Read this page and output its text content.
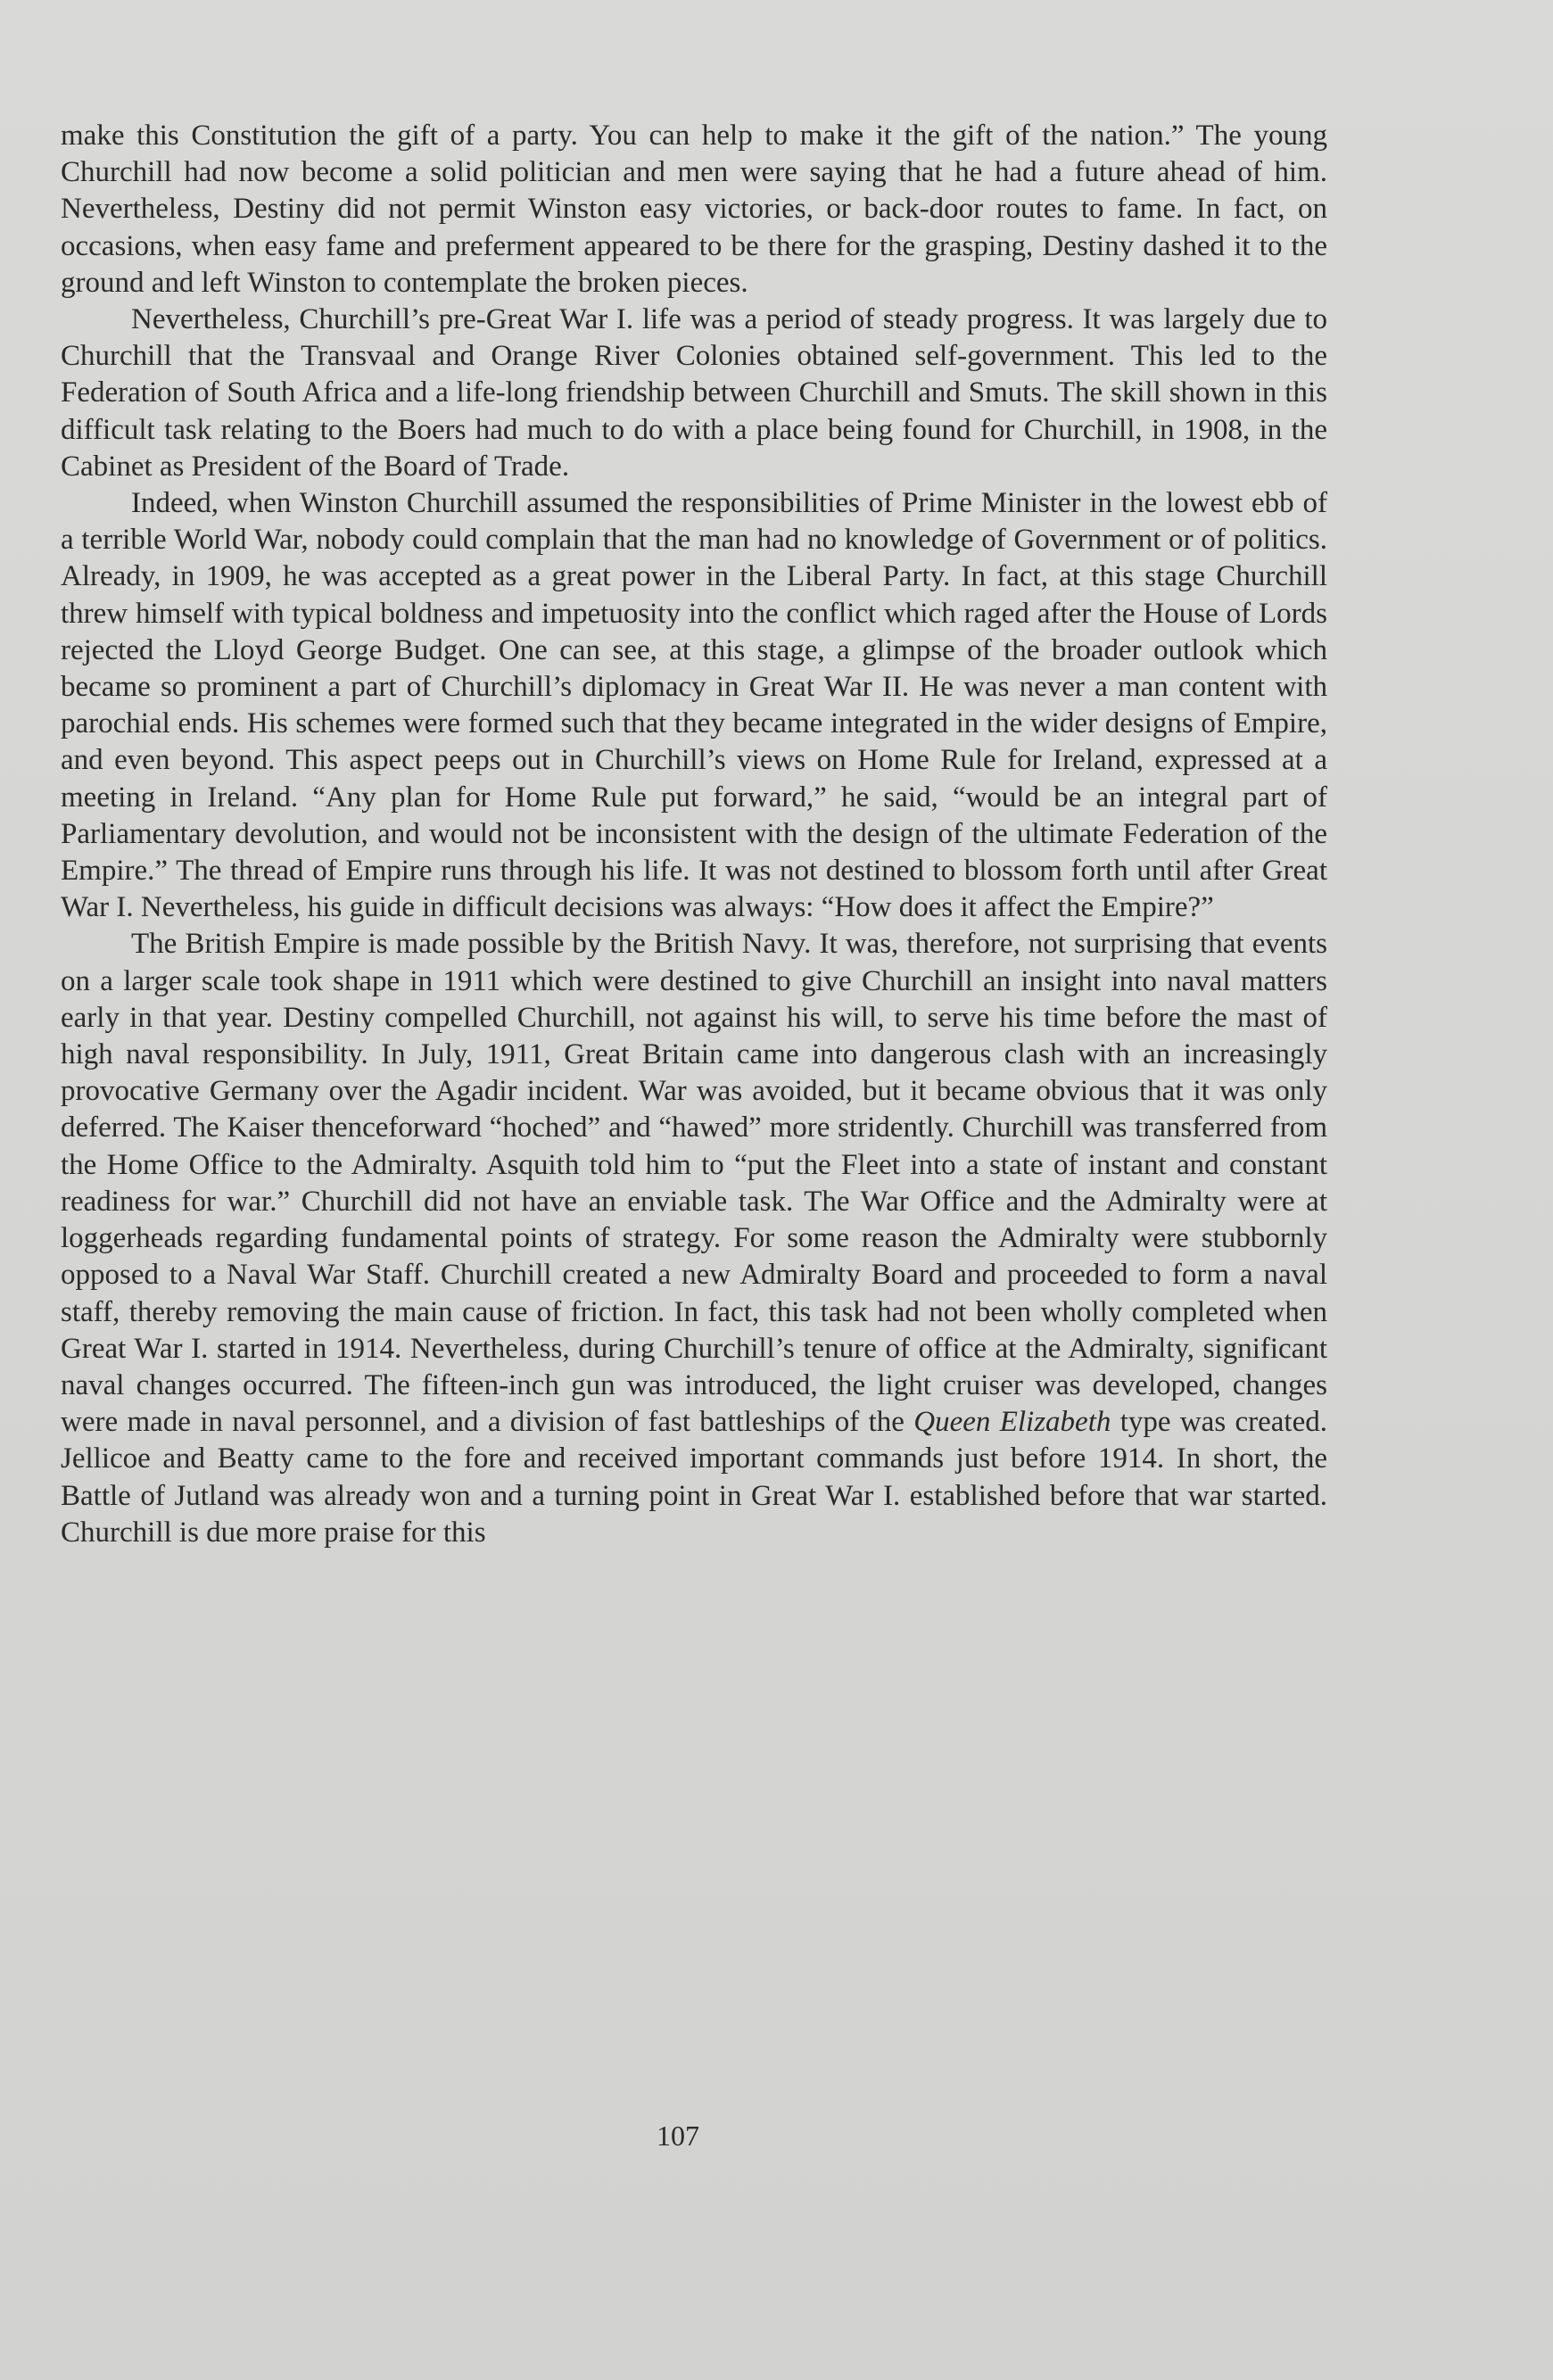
make this Constitution the gift of a party. You can help to make it the gift of the nation.” The young Churchill had now become a solid politician and men were saying that he had a future ahead of him. Nevertheless, Destiny did not permit Winston easy victories, or back-door routes to fame. In fact, on occasions, when easy fame and preferment appeared to be there for the grasping, Destiny dashed it to the ground and left Winston to contemplate the broken pieces.

Nevertheless, Churchill’s pre-Great War I. life was a period of steady progress. It was largely due to Churchill that the Transvaal and Orange River Colonies obtained self-government. This led to the Federation of South Africa and a life-long friendship between Churchill and Smuts. The skill shown in this difficult task relating to the Boers had much to do with a place being found for Churchill, in 1908, in the Cabinet as President of the Board of Trade.

Indeed, when Winston Churchill assumed the responsibilities of Prime Minister in the lowest ebb of a terrible World War, nobody could complain that the man had no knowledge of Government or of politics. Already, in 1909, he was accepted as a great power in the Liberal Party. In fact, at this stage Churchill threw himself with typical boldness and impetuosity into the conflict which raged after the House of Lords rejected the Lloyd George Budget. One can see, at this stage, a glimpse of the broader outlook which became so prominent a part of Churchill’s diplomacy in Great War II. He was never a man content with parochial ends. His schemes were formed such that they became integrated in the wider designs of Empire, and even beyond. This aspect peeps out in Churchill’s views on Home Rule for Ireland, expressed at a meeting in Ireland. “Any plan for Home Rule put forward,” he said, “would be an integral part of Parliamentary devolution, and would not be inconsistent with the design of the ultimate Federation of the Empire.” The thread of Empire runs through his life. It was not destined to blossom forth until after Great War I. Nevertheless, his guide in difficult decisions was always: “How does it affect the Empire?”

The British Empire is made possible by the British Navy. It was, therefore, not surprising that events on a larger scale took shape in 1911 which were destined to give Churchill an insight into naval matters early in that year. Destiny compelled Churchill, not against his will, to serve his time before the mast of high naval responsibility. In July, 1911, Great Britain came into dangerous clash with an increasingly provocative Germany over the Agadir incident. War was avoided, but it became obvious that it was only deferred. The Kaiser thenceforward “hoched” and “hawed” more stridently. Churchill was transferred from the Home Office to the Admiralty. Asquith told him to “put the Fleet into a state of instant and constant readiness for war.” Churchill did not have an enviable task. The War Office and the Admiralty were at loggerheads regarding fundamental points of strategy. For some reason the Admiralty were stubbornly opposed to a Naval War Staff. Churchill created a new Admiralty Board and proceeded to form a naval staff, thereby removing the main cause of friction. In fact, this task had not been wholly completed when Great War I. started in 1914. Nevertheless, during Churchill’s tenure of office at the Admiralty, significant naval changes occurred. The fifteen-inch gun was introduced, the light cruiser was developed, changes were made in naval personnel, and a division of fast battleships of the Queen Elizabeth type was created. Jellicoe and Beatty came to the fore and received important commands just before 1914. In short, the Battle of Jutland was already won and a turning point in Great War I. established before that war started. Churchill is due more praise for this

107
